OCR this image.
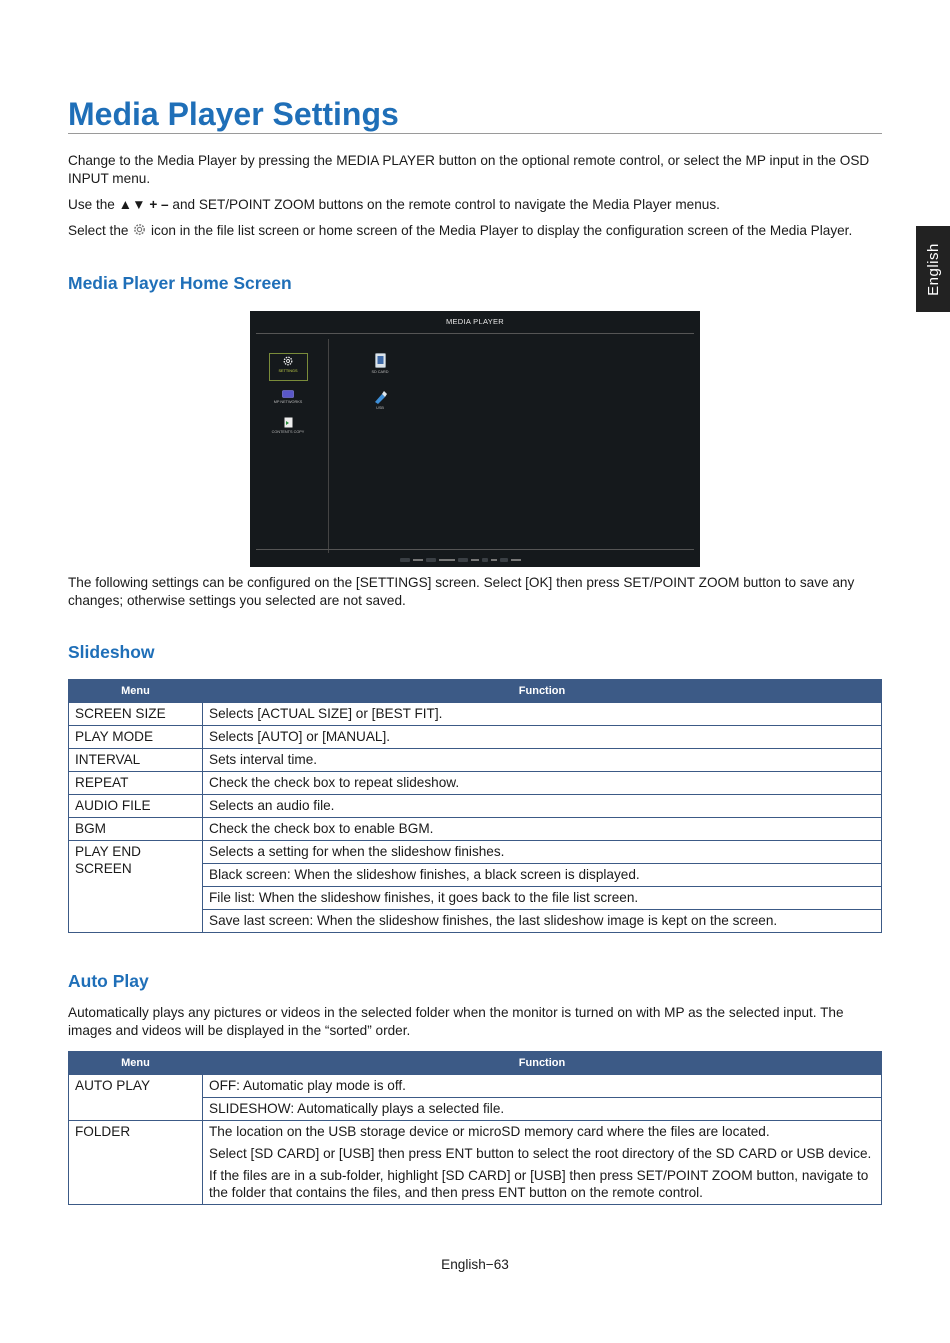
English
Media Player Settings

Change to the Media Player by pressing the MEDIA PLAYER button on the optional remote control, or select the MP input in the OSD INPUT menu.

Use the ▲▼ + – and SET/POINT ZOOM buttons on the remote control to navigate the Media Player menus.

Select the icon in the file list screen or home screen of the Media Player to display the configuration screen of the Media Player.

Media Player Home Screen
MEDIA PLAYER
SETTINGS
MP NETWORKS
CONTENTS COPY
SD CARD
USB

The following settings can be configured on the [SETTINGS] screen. Select [OK] then press SET/POINT ZOOM button to save any changes; otherwise settings you selected are not saved.

Slideshow
Menu	Function
SCREEN SIZE	Selects [ACTUAL SIZE] or [BEST FIT].
PLAY MODE	Selects [AUTO] or [MANUAL].
INTERVAL	Sets interval time.
REPEAT	Check the check box to repeat slideshow.
AUDIO FILE	Selects an audio file.
BGM	Check the check box to enable BGM.
PLAY END SCREEN	Selects a setting for when the slideshow finishes.
	Black screen: When the slideshow finishes, a black screen is displayed.
	File list: When the slideshow finishes, it goes back to the file list screen.
	Save last screen: When the slideshow finishes, the last slideshow image is kept on the screen.
Auto Play

Automatically plays any pictures or videos in the selected folder when the monitor is turned on with MP as the selected input. The images and videos will be displayed in the “sorted” order.

Menu	Function
AUTO PLAY	OFF: Automatic play mode is off.
	SLIDESHOW: Automatically plays a selected file.
FOLDER	The location on the USB storage device or microSD memory card where the files are located.

Select [SD CARD] or [USB] then press ENT button to select the root directory of the SD CARD or USB device.

If the files are in a sub-folder, highlight [SD CARD] or [USB] then press SET/POINT ZOOM button, navigate to the folder that contains the files, and then press ENT button on the remote control.

English−63
